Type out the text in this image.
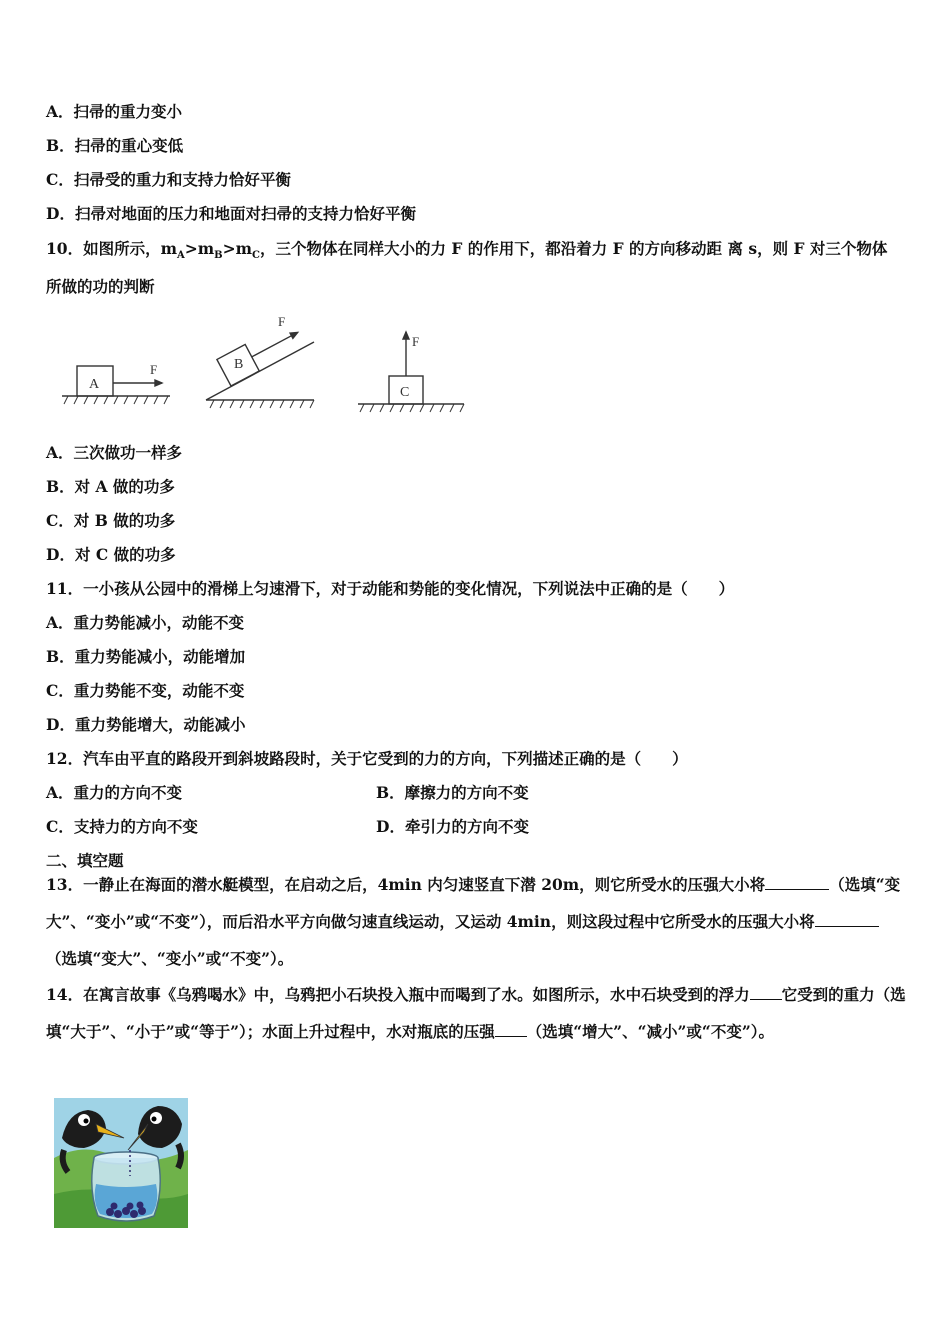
A．扫帚的重力变小
B．扫帚的重心变低
C．扫帚受的重力和支持力恰好平衡
D．扫帚对地面的压力和地面对扫帚的支持力恰好平衡
10．如图所示，$m_A>m_B>m_C$，三个物体在同样大小的力 F 的作用下，都沿着力 F 的方向移动距 离 s，则 F 对三个物体
所做的功的判断
A
F	B
F
C
F
A．三次做功一样多
B．对 A 做的功多
C．对 B 做的功多
D．对 C 做的功多
11．一小孩从公园中的滑梯上匀速滑下，对于动能和势能的变化情况，下列说法中正确的是（　　）
A．重力势能减小，动能不变
B．重力势能减小，动能增加
C．重力势能不变，动能不变
D．重力势能增大，动能减小
12．汽车由平直的路段开到斜坡路段时，关于它受到的力的方向，下列描述正确的是（　　）
A．重力的方向不变	B．摩擦力的方向不变
C．支持力的方向不变	D．牵引力的方向不变
二、填空题
13．一静止在海面的潜水艇模型，在启动之后，4min 内匀速竖直下潜 20m，则它所受水的压强大小将	（选填“变大”、“变小”或“不变”），而后沿水平方向做匀速直线运动，又运动 4min，则这段过程中它所受水的压强大小将（选填“变大”、“变小”或“不变”）。
14．在寓言故事《乌鸦喝水》中，乌鸦把小石块投入瓶中而喝到了水。如图所示，水中石块受到的浮力 它受到的重力（选填“大于”、“小于”或“等于”）；水面上升过程中，水对瓶底的压强 （选填“增大”、“减小”或“不变”）。
